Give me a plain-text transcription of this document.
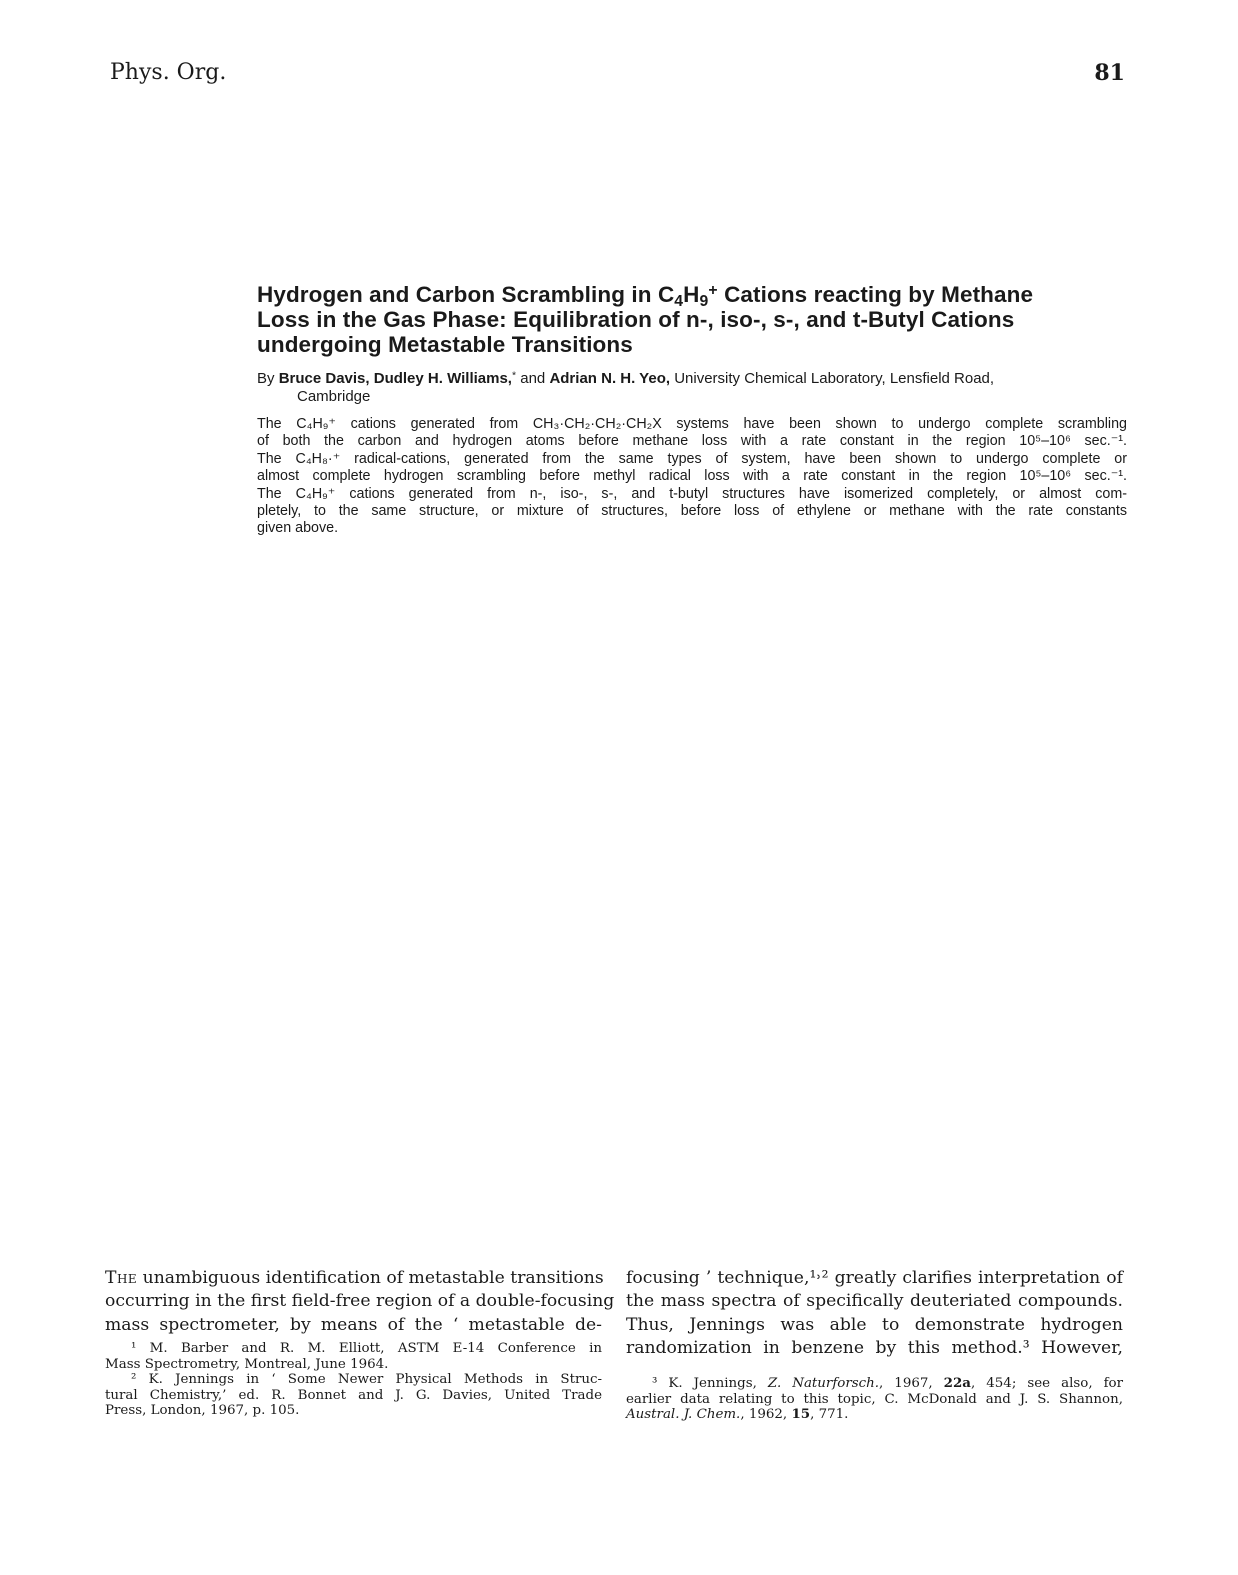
Phys. Org.	81
Hydrogen and Carbon Scrambling in $C_4H_9^+$ Cations reacting by Methane
Loss in the Gas Phase: Equilibration of n-, iso-, s-, and t-Butyl Cations
undergoing Metastable Transitions
By Bruce Davis, Dudley H. Williams,* and Adrian N. H. Yeo, University Chemical Laboratory, Lensfield Road,
Cambridge
The C₄H₉⁺ cations generated from CH₃·CH₂·CH₂·CH₂X systems have been shown to undergo complete scrambling
of both the carbon and hydrogen atoms before methane loss with a rate constant in the region 10⁵–10⁶ sec.⁻¹.
The C₄H₈·⁺ radical-cations, generated from the same types of system, have been shown to undergo complete or
almost complete hydrogen scrambling before methyl radical loss with a rate constant in the region 10⁵–10⁶ sec.⁻¹.
The C₄H₉⁺ cations generated from n-, iso-, s-, and t-butyl structures have isomerized completely, or almost com-
pletely, to the same structure, or mixture of structures, before loss of ethylene or methane with the rate constants
given above.
The unambiguous identification of metastable transitions
occurring in the first field-free region of a double-focusing
mass spectrometer, by means of the ‘ metastable de-
¹ M. Barber and R. M. Elliott, ASTM E-14 Conference in
Mass Spectrometry, Montreal, June 1964.
² K. Jennings in ‘ Some Newer Physical Methods in Struc-
tural Chemistry,’ ed. R. Bonnet and J. G. Davies, United Trade
Press, London, 1967, p. 105.
focusing ’ technique,¹˒² greatly clarifies interpretation of
the mass spectra of specifically deuteriated compounds.
Thus, Jennings was able to demonstrate hydrogen
randomization in benzene by this method.³ However,
³ K. Jennings, Z. Naturforsch., 1967, 22a, 454; see also, for
earlier data relating to this topic, C. McDonald and J. S. Shannon,
Austral. J. Chem., 1962, 15, 771.
